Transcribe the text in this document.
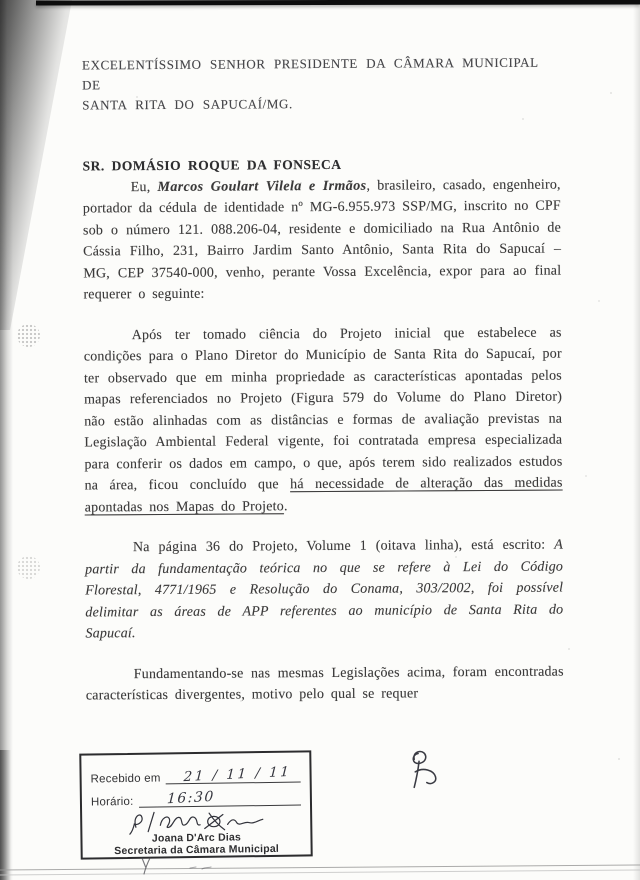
EXCELENTÍSSIMO SENHOR PRESIDENTE DA CÂMARA MUNICIPAL DE
SANTA RITA DO SAPUCAÍ/MG.
SR. DOMÁSIO ROQUE DA FONSECA

Eu, Marcos Goulart Vilela e Irmãos, brasileiro, casado, engenheiro, portador da cédula de identidade nº MG-6.955.973 SSP/MG, inscrito no CPF sob o número 121. 088.206-04, residente e domiciliado na Rua Antônio de Cássia Filho, 231, Bairro Jardim Santo Antônio, Santa Rita do Sapucaí – MG, CEP 37540-000, venho, perante Vossa Excelência, expor para ao final requerer o seguinte:

Após ter tomado ciência do Projeto inicial que estabelece as condições para o Plano Diretor do Município de Santa Rita do Sapucaí, por ter observado que em minha propriedade as características apontadas pelos mapas referenciados no Projeto (Figura 579 do Volume do Plano Diretor) não estão alinhadas com as distâncias e formas de avaliação previstas na Legislação Ambiental Federal vigente, foi contratada empresa especializada para conferir os dados em campo, o que, após terem sido realizados estudos na área, ficou concluído que há necessidade de alteração das medidas apontadas nos Mapas do Projeto.

Na página 36 do Projeto, Volume 1 (oitava linha), está escrito: A partir da fundamentação teórica no que se refere à Lei do Código Florestal, 4771/1965 e Resolução do Conama, 303/2002, foi possível delimitar as áreas de APP referentes ao município de Santa Rita do Sapucaí.

Fundamentando-se nas mesmas Legislações acima, foram encontradas características divergentes, motivo pelo qual se requer

Recebido em 21 / 11 / 11
Horário: 16:30
Joana D'Arc Dias
Secretaria da Câmara Municipal
